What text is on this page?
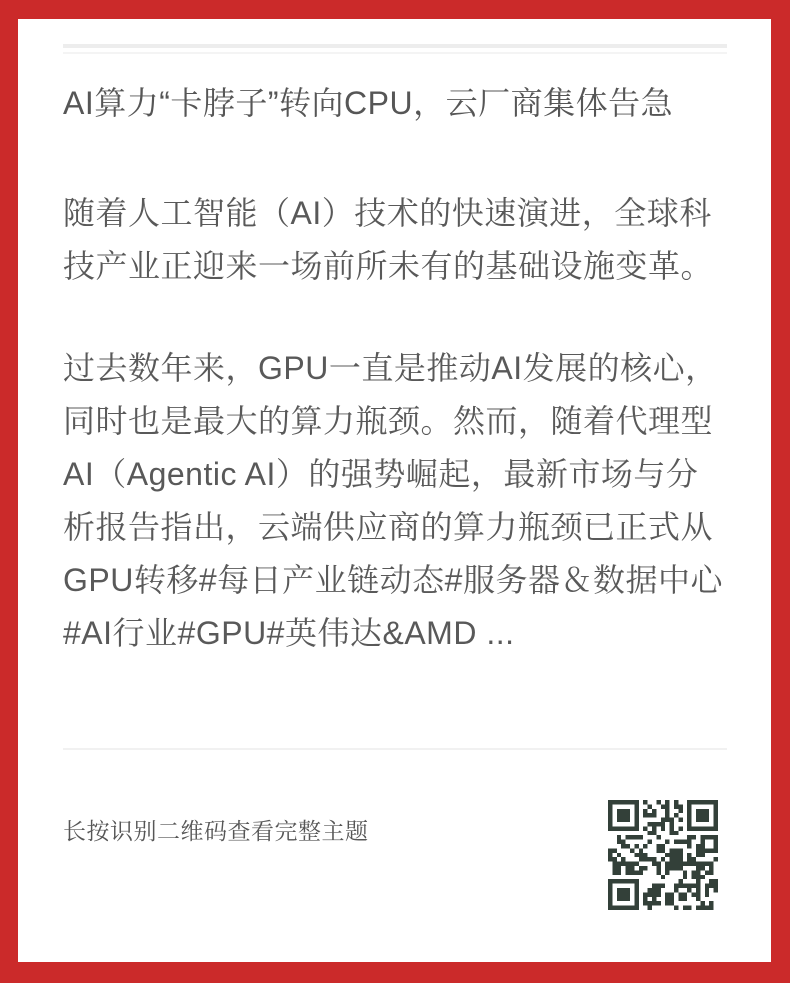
AI算力“卡脖子”转向CPU，云厂商集体告急

随着人工智能（AI）技术的快速演进，全球科技产业正迎来一场前所未有的基础设施变革。

过去数年来，GPU一直是推动AI发展的核心，同时也是最大的算力瓶颈。然而，随着代理型AI（Agentic AI）的强势崛起，最新市场与分析报告指出，云端供应商的算力瓶颈已正式从GPU转移#每日产业链动态#服务器＆数据中心#AI行业#GPU#英伟达&AMD ...

长按识别二维码查看完整主题
